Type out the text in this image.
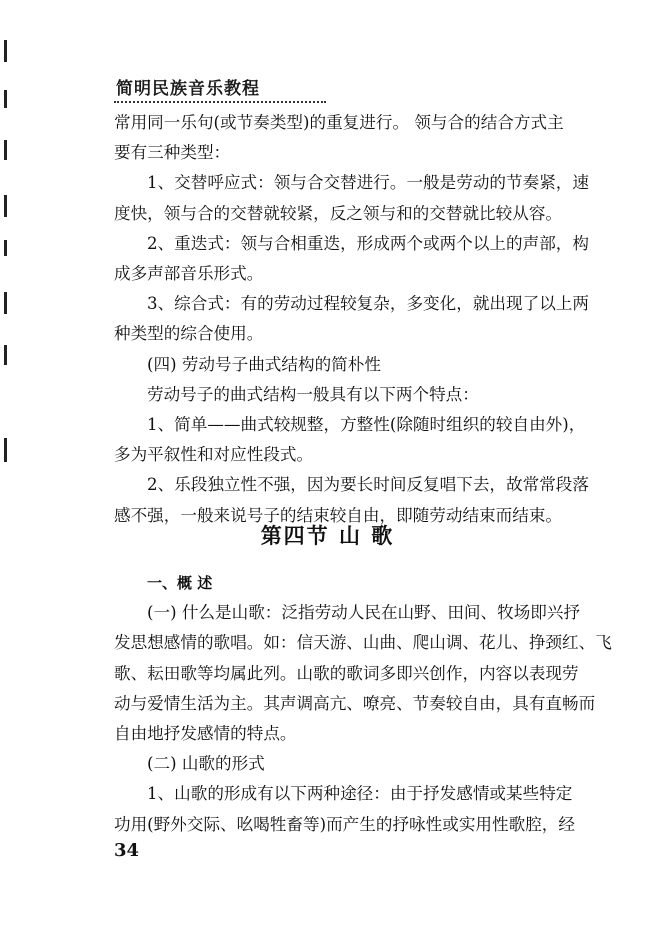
简明民族音乐教程
常用同一乐句(或节奏类型)的重复进行。 领与合的结合方式主
要有三种类型：
1、交替呼应式：领与合交替进行。一般是劳动的节奏紧，速
度快，领与合的交替就较紧，反之领与和的交替就比较从容。
2、重迭式：领与合相重迭，形成两个或两个以上的声部，构
成多声部音乐形式。
3、综合式：有的劳动过程较复杂，多变化，就出现了以上两
种类型的综合使用。
(四) 劳动号子曲式结构的简朴性
劳动号子的曲式结构一般具有以下两个特点：
1、简单——曲式较规整，方整性(除随时组织的较自由外)，
多为平叙性和对应性段式。
2、乐段独立性不强，因为要长时间反复唱下去，故常常段落
感不强，一般来说号子的结束较自由，即随劳动结束而结束。
第四节 山 歌
一、概 述
(一) 什么是山歌：泛指劳动人民在山野、田间、牧场即兴抒
发思想感情的歌唱。如：信天游、山曲、爬山调、花儿、挣颈红、飞
歌、耘田歌等均属此列。山歌的歌词多即兴创作，内容以表现劳
动与爱情生活为主。其声调高亢、嘹亮、节奏较自由，具有直畅而
自由地抒发感情的特点。
(二) 山歌的形式
1、山歌的形成有以下两种途径：由于抒发感情或某些特定
功用(野外交际、吆喝牲畜等)而产生的抒咏性或实用性歌腔，经
34
